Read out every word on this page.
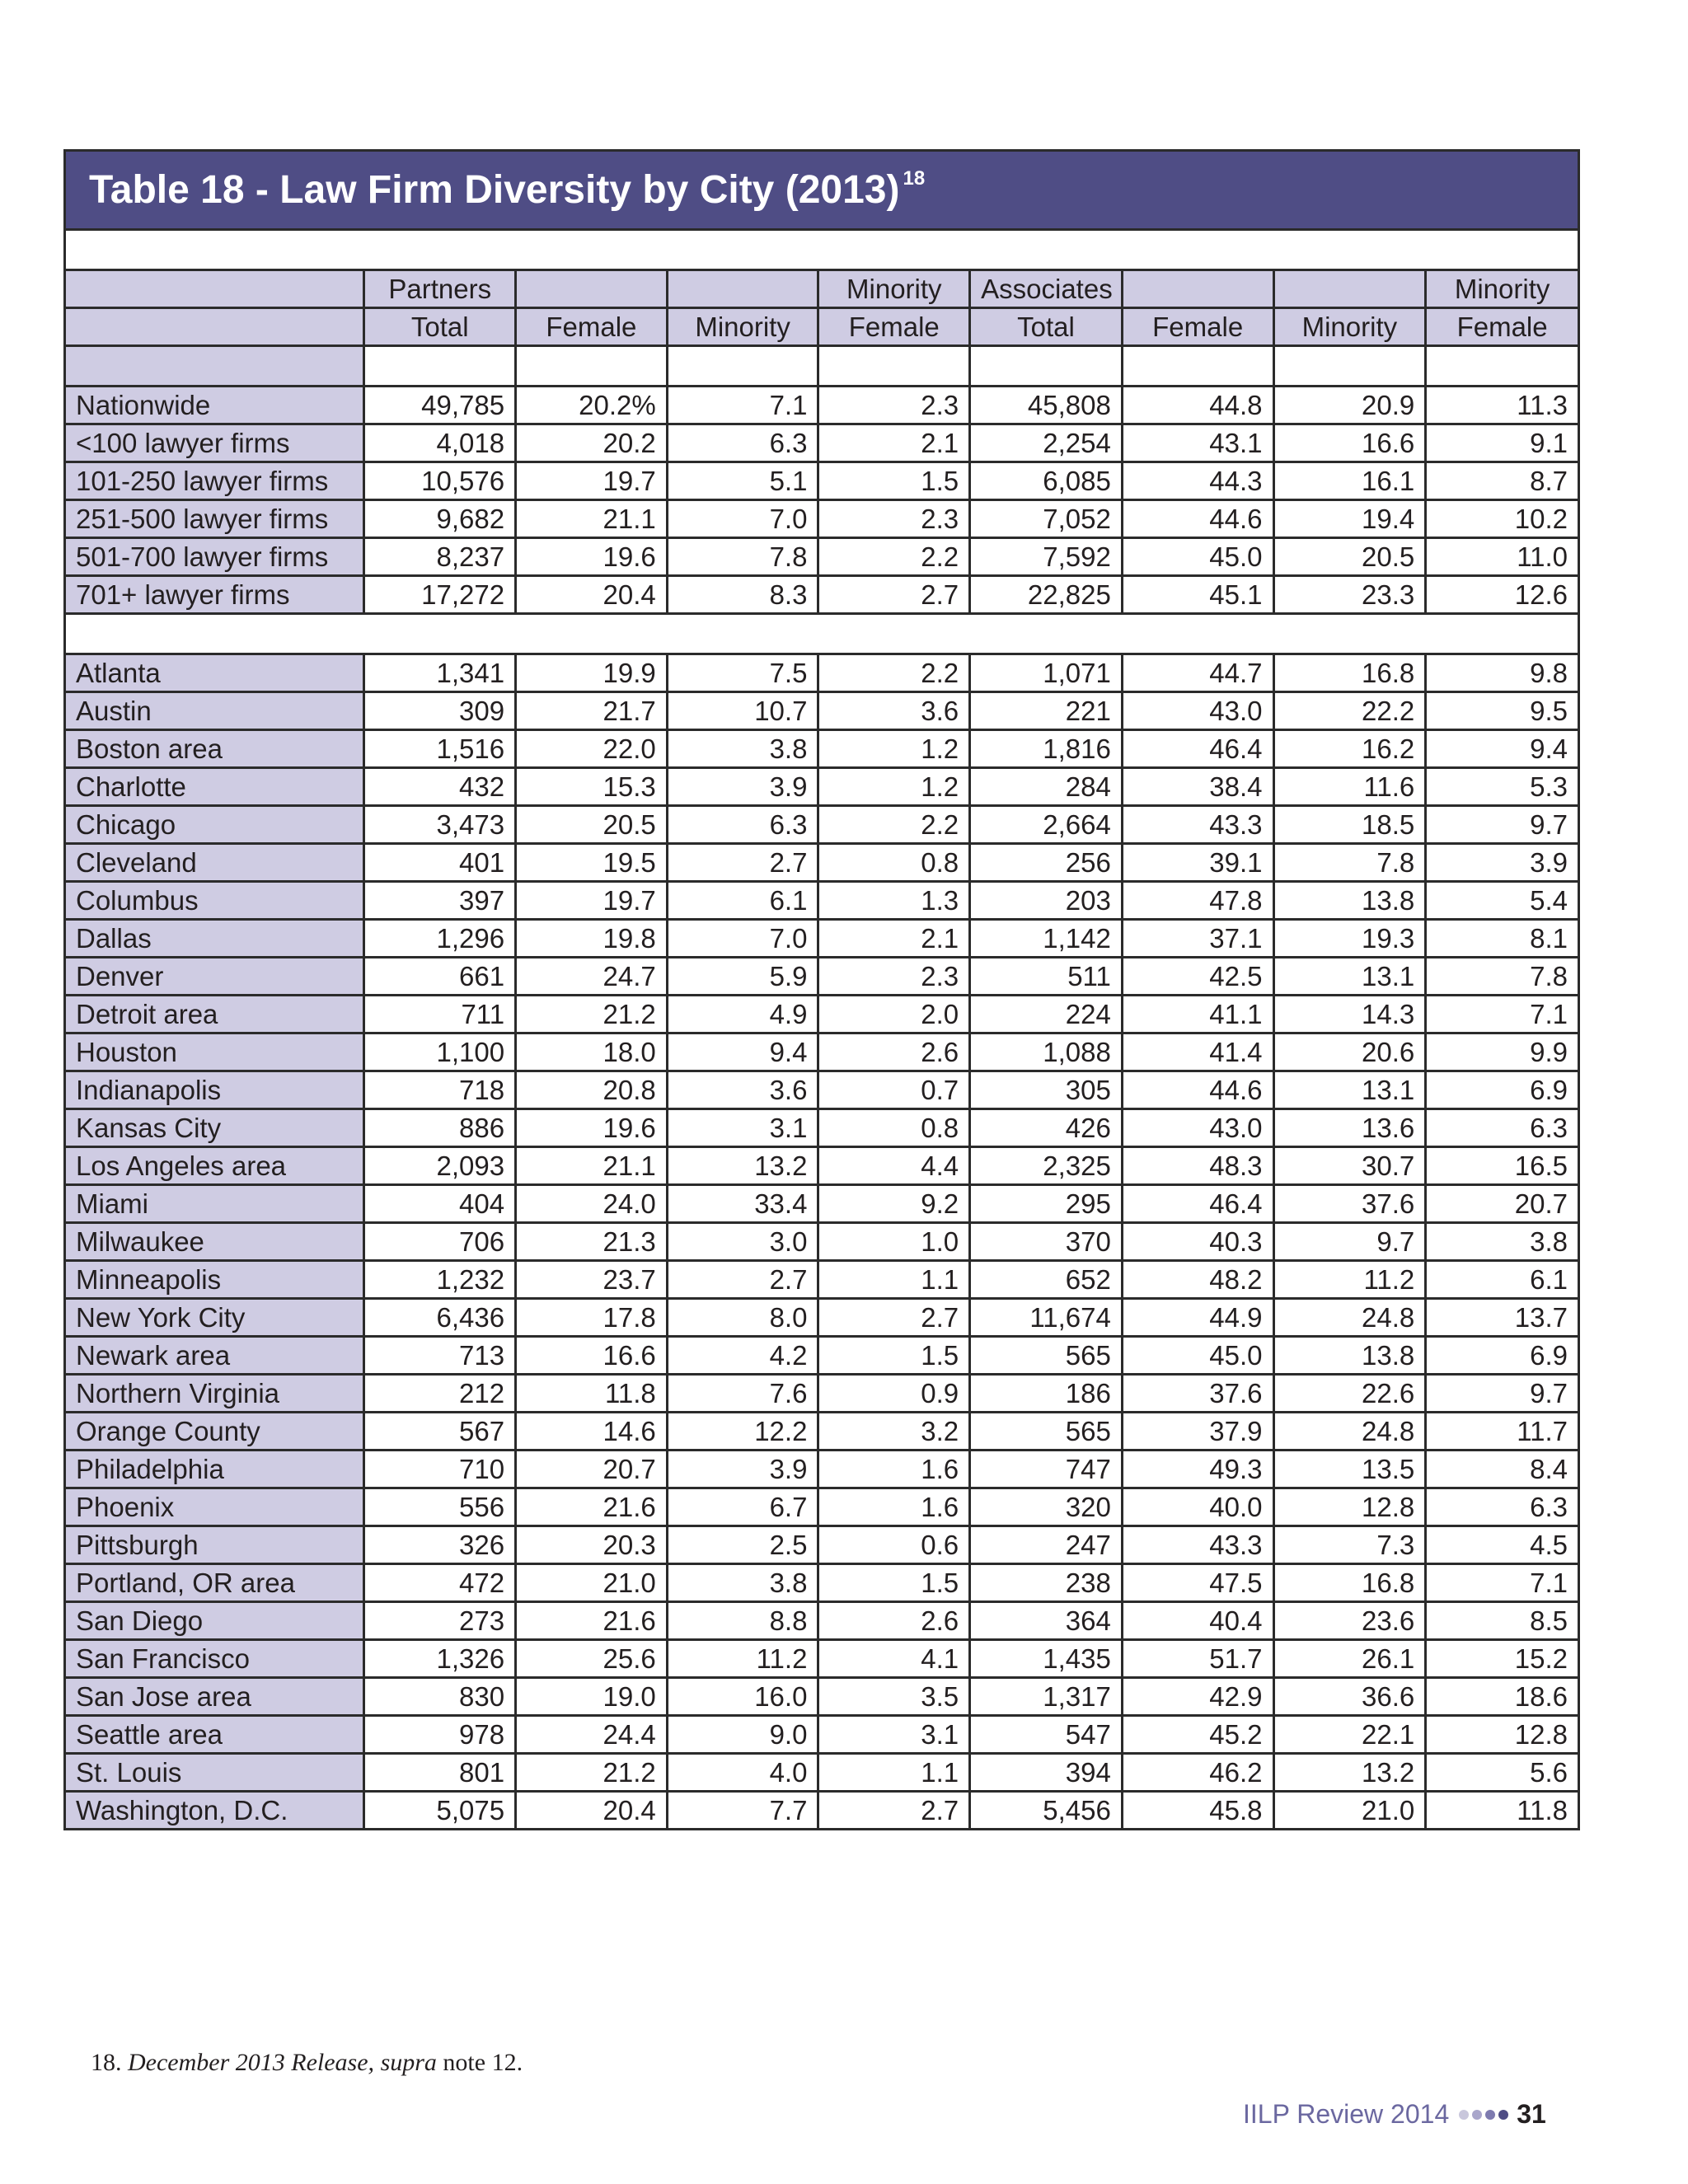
Table 18 - Law Firm Diversity by City $(2013)^{18}$

	Partners			Minority	Associates			Minority
	Total	Female	Minority	Female	Total	Female	Minority	Female

Nationwide	49,785	20.2%	7.1	2.3	45,808	44.8	20.9	11.3
<100 lawyer firms	4,018	20.2	6.3	2.1	2,254	43.1	16.6	9.1
101-250 lawyer firms	10,576	19.7	5.1	1.5	6,085	44.3	16.1	8.7
251-500 lawyer firms	9,682	21.1	7.0	2.3	7,052	44.6	19.4	10.2
501-700 lawyer firms	8,237	19.6	7.8	2.2	7,592	45.0	20.5	11.0
701+ lawyer firms	17,272	20.4	8.3	2.7	22,825	45.1	23.3	12.6

Atlanta	1,341	19.9	7.5	2.2	1,071	44.7	16.8	9.8
Austin	309	21.7	10.7	3.6	221	43.0	22.2	9.5
Boston area	1,516	22.0	3.8	1.2	1,816	46.4	16.2	9.4
Charlotte	432	15.3	3.9	1.2	284	38.4	11.6	5.3
Chicago	3,473	20.5	6.3	2.2	2,664	43.3	18.5	9.7
Cleveland	401	19.5	2.7	0.8	256	39.1	7.8	3.9
Columbus	397	19.7	6.1	1.3	203	47.8	13.8	5.4
Dallas	1,296	19.8	7.0	2.1	1,142	37.1	19.3	8.1
Denver	661	24.7	5.9	2.3	511	42.5	13.1	7.8
Detroit area	711	21.2	4.9	2.0	224	41.1	14.3	7.1
Houston	1,100	18.0	9.4	2.6	1,088	41.4	20.6	9.9
Indianapolis	718	20.8	3.6	0.7	305	44.6	13.1	6.9
Kansas City	886	19.6	3.1	0.8	426	43.0	13.6	6.3
Los Angeles area	2,093	21.1	13.2	4.4	2,325	48.3	30.7	16.5
Miami	404	24.0	33.4	9.2	295	46.4	37.6	20.7
Milwaukee	706	21.3	3.0	1.0	370	40.3	9.7	3.8
Minneapolis	1,232	23.7	2.7	1.1	652	48.2	11.2	6.1
New York City	6,436	17.8	8.0	2.7	11,674	44.9	24.8	13.7
Newark area	713	16.6	4.2	1.5	565	45.0	13.8	6.9
Northern Virginia	212	11.8	7.6	0.9	186	37.6	22.6	9.7
Orange County	567	14.6	12.2	3.2	565	37.9	24.8	11.7
Philadelphia	710	20.7	3.9	1.6	747	49.3	13.5	8.4
Phoenix	556	21.6	6.7	1.6	320	40.0	12.8	6.3
Pittsburgh	326	20.3	2.5	0.6	247	43.3	7.3	4.5
Portland, OR area	472	21.0	3.8	1.5	238	47.5	16.8	7.1
San Diego	273	21.6	8.8	2.6	364	40.4	23.6	8.5
San Francisco	1,326	25.6	11.2	4.1	1,435	51.7	26.1	15.2
San Jose area	830	19.0	16.0	3.5	1,317	42.9	36.6	18.6
Seattle area	978	24.4	9.0	3.1	547	45.2	22.1	12.8
St. Louis	801	21.2	4.0	1.1	394	46.2	13.2	5.6
Washington, D.C.	5,075	20.4	7.7	2.7	5,456	45.8	21.0	11.8
18. December 2013 Release, supra note 12.
IILP Review 2014	31
